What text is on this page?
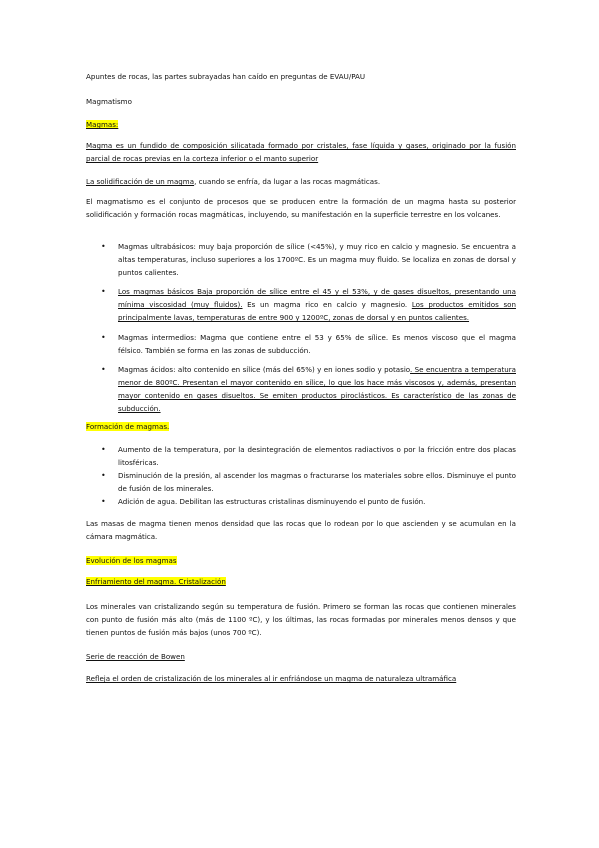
Apuntes de rocas, las partes subrayadas han caído en preguntas de EVAU/PAU

Magmatismo

Magmas:

Magma es un fundido de composición silicatada formado por cristales, fase líquida y gases, originado por la fusión parcial de rocas previas en la corteza inferior o el manto superior

La solidificación de un magma, cuando se enfría, da lugar a las rocas magmáticas.

El magmatismo es el conjunto de procesos que se producen entre la formación de un magma hasta su posterior solidificación y formación rocas magmáticas, incluyendo, su manifestación en la superficie terrestre en los volcanes.

• Magmas ultrabásicos: muy baja proporción de sílice (<45%), y muy rico en calcio y magnesio. Se encuentra a altas temperaturas, incluso superiores a los 1700ºC. Es un magma muy fluido. Se localiza en zonas de dorsal y puntos calientes.
• Los magmas básicos Baja proporción de sílice entre el 45 y el 53%, y de gases disueltos, presentando una mínima viscosidad (muy fluidos). Es un magma rico en calcio y magnesio. Los productos emitidos son principalmente lavas, temperaturas de entre 900 y 1200ºC, zonas de dorsal y en puntos calientes.
• Magmas intermedios: Magma que contiene entre el 53 y 65% de sílice. Es menos viscoso que el magma félsico. También se forma en las zonas de subducción.
• Magmas ácidos: alto contenido en sílice (más del 65%) y en iones sodio y potasio. Se encuentra a temperatura menor de 800ºC. Presentan el mayor contenido en sílice, lo que los hace más viscosos y, además, presentan mayor contenido en gases disueltos. Se emiten productos piroclásticos. Es característico de las zonas de subducción.

Formación de magmas.

• Aumento de la temperatura, por la desintegración de elementos radiactivos o por la fricción entre dos placas litosféricas.
• Disminución de la presión, al ascender los magmas o fracturarse los materiales sobre ellos. Disminuye el punto de fusión de los minerales.
• Adición de agua. Debilitan las estructuras cristalinas disminuyendo el punto de fusión.

Las masas de magma tienen menos densidad que las rocas que lo rodean por lo que ascienden y se acumulan en la cámara magmática.

Evolución de los magmas

Enfriamiento del magma. Cristalización

Los minerales van cristalizando según su temperatura de fusión. Primero se forman las rocas que contienen minerales con punto de fusión más alto (más de 1100 ºC), y los últimas, las rocas formadas por minerales menos densos y que tienen puntos de fusión más bajos (unos 700 ºC).

Serie de reacción de Bowen

Refleja el orden de cristalización de los minerales al ir enfriándose un magma de naturaleza ultramáfica
